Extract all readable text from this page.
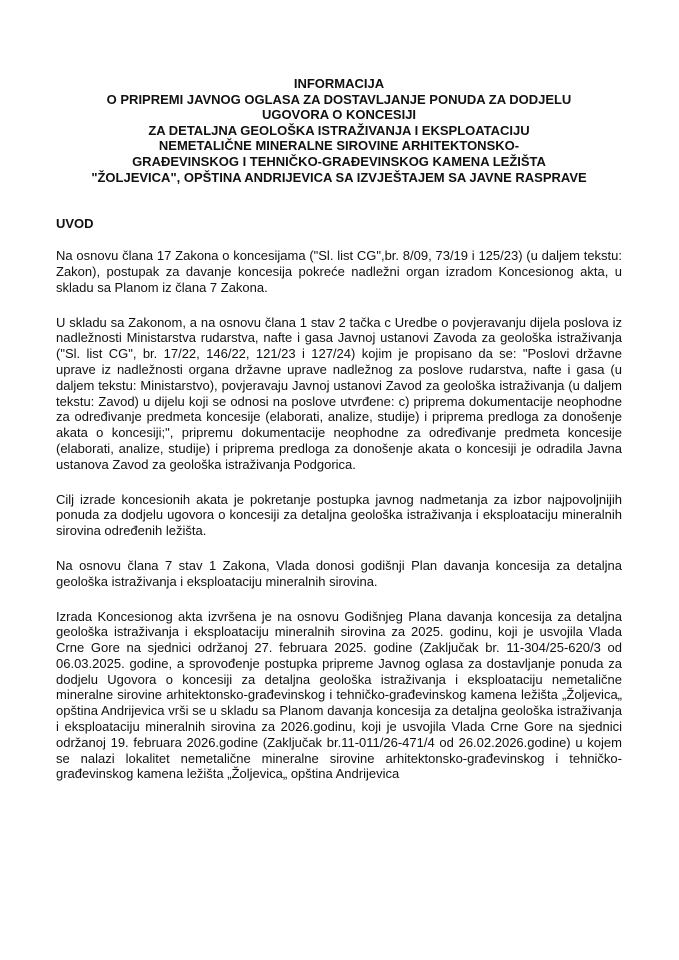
INFORMACIJA
O PRIPREMI JAVNOG OGLASA ZA DOSTAVLJANJE PONUDA ZA DODJELU
UGOVORA O KONCESIJI
ZA DETALJNA GEOLOŠKA ISTRAŽIVANJA I EKSPLOATACIJU
NEMETALIČNE MINERALNE SIROVINE ARHITEKTONSKO-
GRAĐEVINSKOG I TEHNIČKO-GRAĐEVINSKOG KAMENA LEŽIŠTA
"ŽOLJEVICA", OPŠTINA ANDRIJEVICA SA IZVJEŠTAJEM SA JAVNE RASPRAVE
UVOD

Na osnovu člana 17 Zakona o koncesijama ("Sl. list CG",br. 8/09, 73/19 i 125/23) (u daljem tekstu: Zakon), postupak za davanje koncesija pokreće nadležni organ izradom Koncesionog akta, u skladu sa Planom iz člana 7 Zakona.

U skladu sa Zakonom, a na osnovu člana 1 stav 2 tačka c Uredbe o povjeravanju dijela poslova iz nadležnosti Ministarstva rudarstva, nafte i gasa Javnoj ustanovi Zavoda za geološka istraživanja ("Sl. list CG", br. 17/22, 146/22, 121/23 i 127/24) kojim je propisano da se: "Poslovi državne uprave iz nadležnosti organa državne uprave nadležnog za poslove rudarstva, nafte i gasa (u daljem tekstu: Ministarstvo), povjeravaju Javnoj ustanovi Zavod za geološka istraživanja (u daljem tekstu: Zavod) u dijelu koji se odnosi na poslove utvrđene: c) priprema dokumentacije neophodne za određivanje predmeta koncesije (elaborati, analize, studije) i priprema predloga za donošenje akata o koncesiji;", pripremu dokumentacije neophodne za određivanje predmeta koncesije (elaborati, analize, studije) i priprema predloga za donošenje akata o koncesiji je odradila Javna ustanova Zavod za geološka istraživanja Podgorica.

Cilj izrade koncesionih akata je pokretanje postupka javnog nadmetanja za izbor najpovoljnijih ponuda za dodjelu ugovora o koncesiji za detaljna geološka istraživanja i eksploataciju mineralnih sirovina određenih ležišta.

Na osnovu člana 7 stav 1 Zakona, Vlada donosi godišnji Plan davanja koncesija za detaljna geološka istraživanja i eksploataciju mineralnih sirovina.

Izrada Koncesionog akta izvršena je na osnovu Godišnjeg Plana davanja koncesija za detaljna geološka istraživanja i eksploataciju mineralnih sirovina za 2025. godinu, koji je usvojila Vlada Crne Gore na sjednici održanoj 27. februara 2025. godine (Zaključak br. 11-304/25-620/3 od 06.03.2025. godine, a sprovođenje postupka pripreme Javnog oglasa za dostavljanje ponuda za dodjelu Ugovora o koncesiji za detaljna geološka istraživanja i eksploataciju nemetalične mineralne sirovine arhitektonsko-građevinskog i tehničko-građevinskog kamena ležišta „Žoljevica„ opština Andrijevica vrši se u skladu sa Planom davanja koncesija za detaljna geološka istraživanja i eksploataciju mineralnih sirovina za 2026.godinu, koji je usvojila Vlada Crne Gore na sjednici održanoj 19. februara 2026.godine (Zaključak br.11-011/26-471/4 od 26.02.2026.godine) u kojem se nalazi lokalitet nemetalične mineralne sirovine arhitektonsko-građevinskog i tehničko-građevinskog kamena ležišta „Žoljevica„ opština Andrijevica
